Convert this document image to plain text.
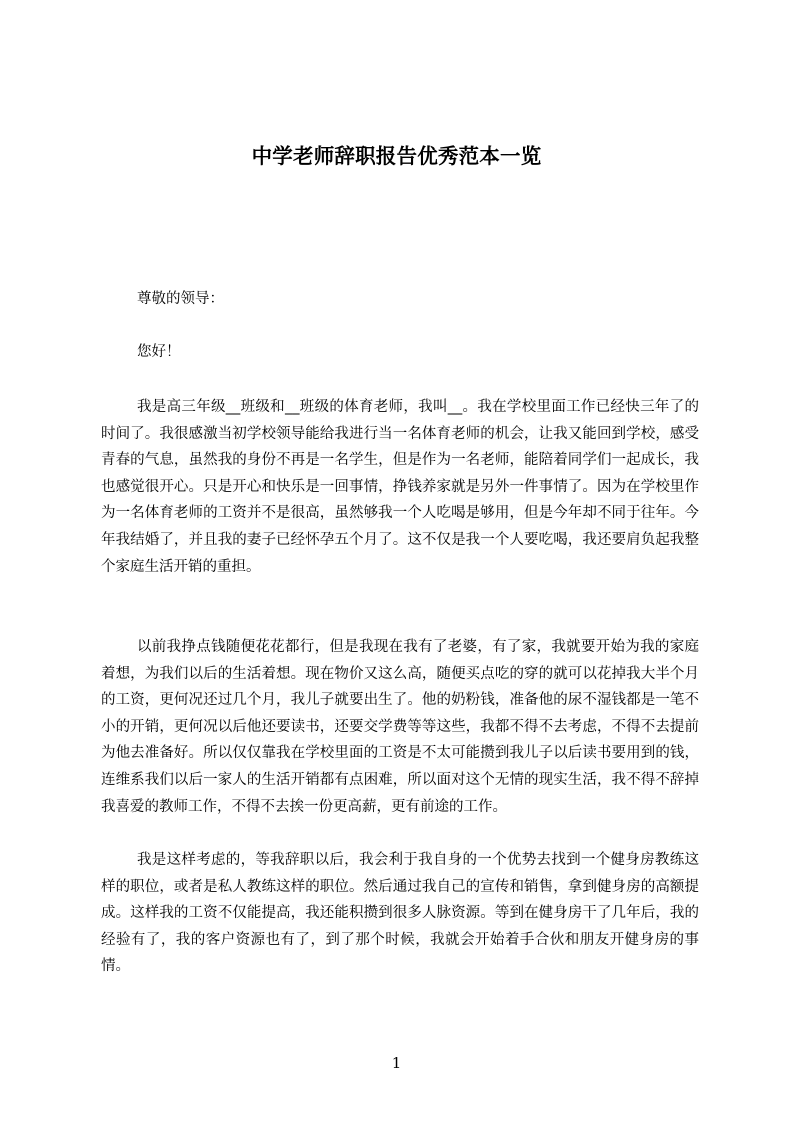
中学老师辞职报告优秀范本一览
尊敬的领导：
您好！

我是高三年级__班级和__班级的体育老师，我叫__。我在学校里面工作已经快三年了的时间了。我很感激当初学校领导能给我进行当一名体育老师的机会，让我又能回到学校，感受青春的气息，虽然我的身份不再是一名学生，但是作为一名老师，能陪着同学们一起成长，我也感觉很开心。只是开心和快乐是一回事情，挣钱养家就是另外一件事情了。因为在学校里作为一名体育老师的工资并不是很高，虽然够我一个人吃喝是够用，但是今年却不同于往年。今年我结婚了，并且我的妻子已经怀孕五个月了。这不仅是我一个人要吃喝，我还要肩负起我整个家庭生活开销的重担。

以前我挣点钱随便花花都行，但是我现在我有了老婆，有了家，我就要开始为我的家庭着想，为我们以后的生活着想。现在物价又这么高，随便买点吃的穿的就可以花掉我大半个月的工资，更何况还过几个月，我儿子就要出生了。他的奶粉钱，准备他的尿不湿钱都是一笔不小的开销，更何况以后他还要读书，还要交学费等等这些，我都不得不去考虑，不得不去提前为他去准备好。所以仅仅靠我在学校里面的工资是不太可能攒到我儿子以后读书要用到的钱，连维系我们以后一家人的生活开销都有点困难，所以面对这个无情的现实生活，我不得不辞掉我喜爱的教师工作，不得不去挨一份更高薪，更有前途的工作。

我是这样考虑的，等我辞职以后，我会利于我自身的一个优势去找到一个健身房教练这样的职位，或者是私人教练这样的职位。然后通过我自己的宣传和销售，拿到健身房的高额提成。这样我的工资不仅能提高，我还能积攒到很多人脉资源。等到在健身房干了几年后，我的经验有了，我的客户资源也有了，到了那个时候，我就会开始着手合伙和朋友开健身房的事情。

1
